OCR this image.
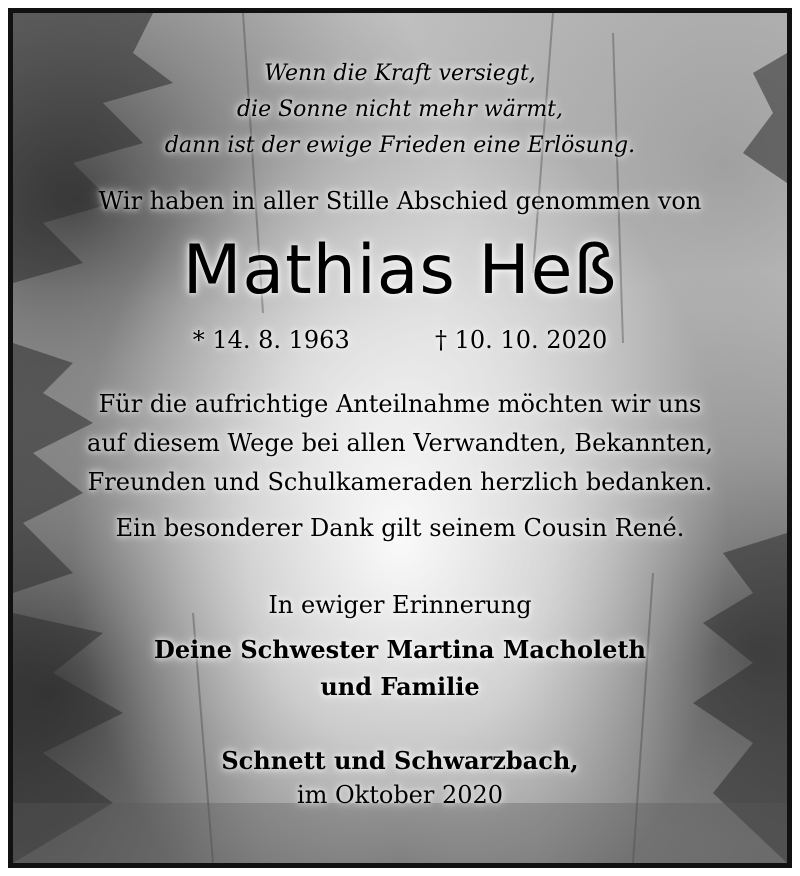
Wenn die Kraft versiegt,
die Sonne nicht mehr wärmt,
dann ist der ewige Frieden eine Erlösung.
Wir haben in aller Stille Abschied genommen von
Mathias Heß
* 14. 8. 1963	† 10. 10. 2020
Für die aufrichtige Anteilnahme möchten wir uns
auf diesem Wege bei allen Verwandten, Bekannten,
Freunden und Schulkameraden herzlich bedanken.
Ein besonderer Dank gilt seinem Cousin René.
In ewiger Erinnerung
Deine Schwester Martina Macholeth
und Familie
Schnett und Schwarzbach,
im Oktober 2020
